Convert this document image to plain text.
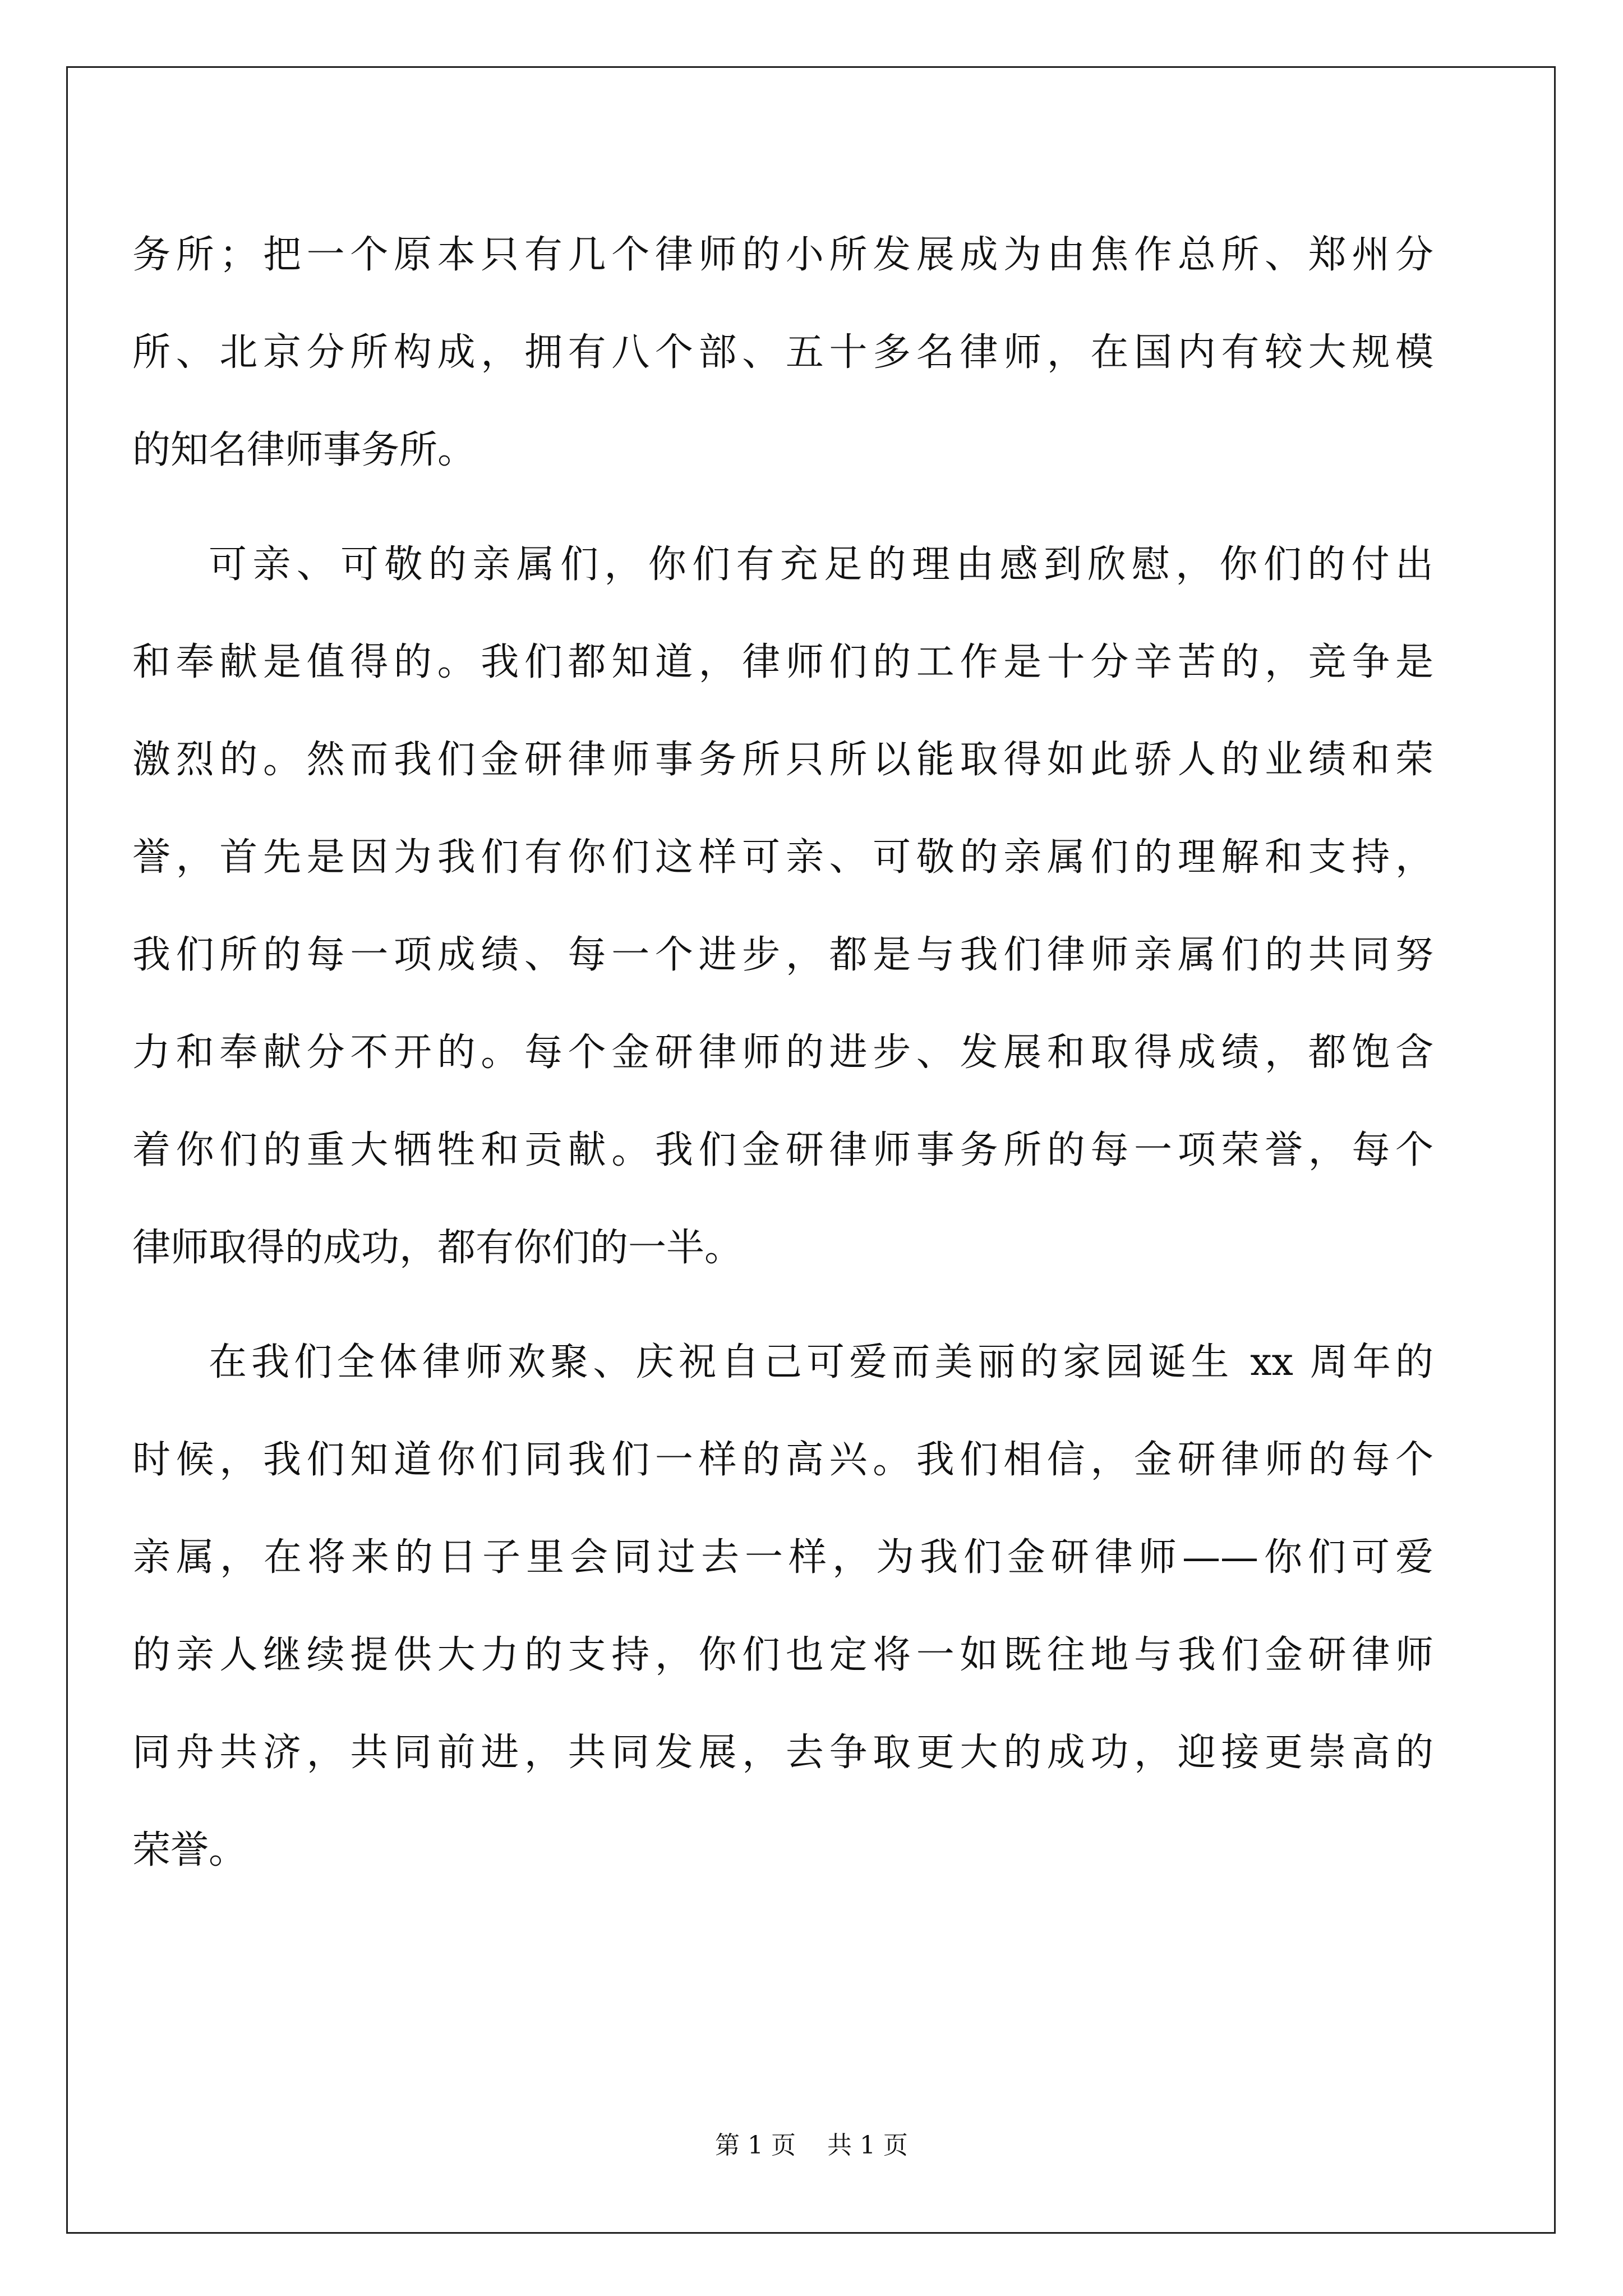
务所；把一个原本只有几个律师的小所发展成为由焦作总所、郑州分
所、北京分所构成，拥有八个部、五十多名律师，在国内有较大规模
的知名律师事务所。
可亲、可敬的亲属们，你们有充足的理由感到欣慰，你们的付出
和奉献是值得的。我们都知道，律师们的工作是十分辛苦的，竞争是
激烈的。然而我们金研律师事务所只所以能取得如此骄人的业绩和荣
誉，首先是因为我们有你们这样可亲、可敬的亲属们的理解和支持，
我们所的每一项成绩、每一个进步，都是与我们律师亲属们的共同努
力和奉献分不开的。每个金研律师的进步、发展和取得成绩，都饱含
着你们的重大牺牲和贡献。我们金研律师事务所的每一项荣誉，每个
律师取得的成功，都有你们的一半。
在我们全体律师欢聚、庆祝自己可爱而美丽的家园诞生 xx 周年的
时候，我们知道你们同我们一样的高兴。我们相信，金研律师的每个
亲属，在将来的日子里会同过去一样，为我们金研律师——你们可爱
的亲人继续提供大力的支持，你们也定将一如既往地与我们金研律师
同舟共济，共同前进，共同发展，去争取更大的成功，迎接更崇高的
荣誉。
第 1 页    共 1 页
